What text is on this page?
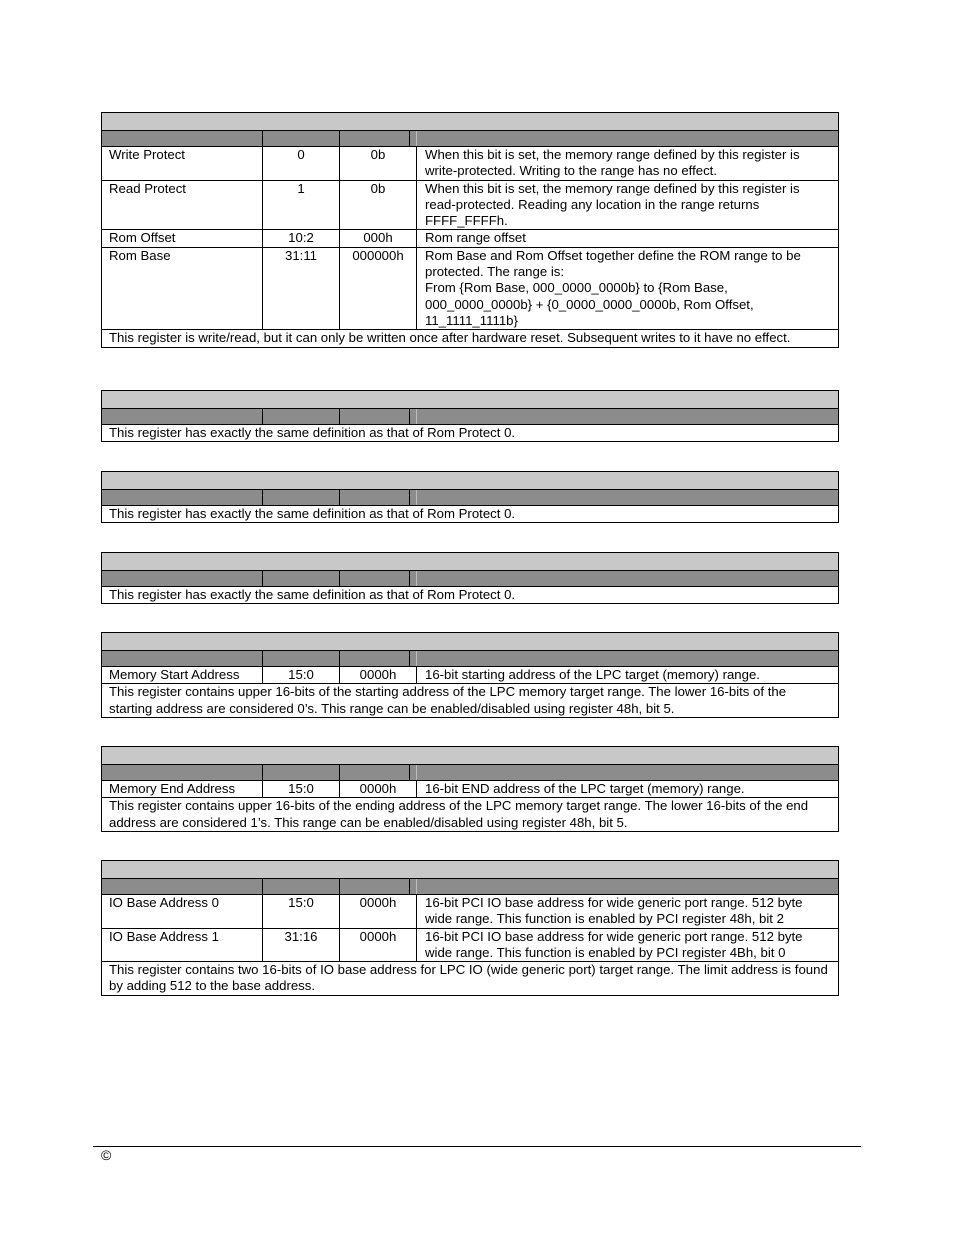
Write Protect	0	0b		When this bit is set, the memory range defined by this register is write-protected. Writing to the range has no effect.
Read Protect	1	0b		When this bit is set, the memory range defined by this register is read-protected. Reading any location in the range returns FFFF_FFFFh.
Rom Offset	10:2	000h		Rom range offset
Rom Base	31:11	000000h		Rom Base and Rom Offset together define the ROM range to be protected. The range is:
From {Rom Base, 000_0000_0000b} to {Rom Base, 000_0000_0000b} + {0_0000_0000_0000b, Rom Offset, 11_1111_1111b}

This register is write/read, but it can only be written once after hardware reset. Subsequent writes to it have no effect.				

This register has exactly the same definition as that of Rom Protect 0.

This register has exactly the same definition as that of Rom Protect 0.

This register has exactly the same definition as that of Rom Protect 0.

Memory Start Address	15:0	0000h		16-bit starting address of the LPC target (memory) range.
This register contains upper 16-bits of the starting address of the LPC memory target range. The lower 16-bits of the starting address are considered 0’s. This range can be enabled/disabled using register 48h, bit 5.				

Memory End Address	15:0	0000h		16-bit END address of the LPC target (memory) range.
This register contains upper 16-bits of the ending address of the LPC memory target range. The lower 16-bits of the end address are considered 1’s. This range can be enabled/disabled using register 48h, bit 5.				

IO Base Address 0	15:0	0000h		16-bit PCI IO base address for wide generic port range. 512 byte wide range. This function is enabled by PCI register 48h, bit 2
IO Base Address 1	31:16	0000h		16-bit PCI IO base address for wide generic port range. 512 byte wide range. This function is enabled by PCI register 4Bh, bit 0
This register contains two 16-bits of IO base address for LPC IO (wide generic port) target range. The limit address is found by adding 512 to the base address.				
©
